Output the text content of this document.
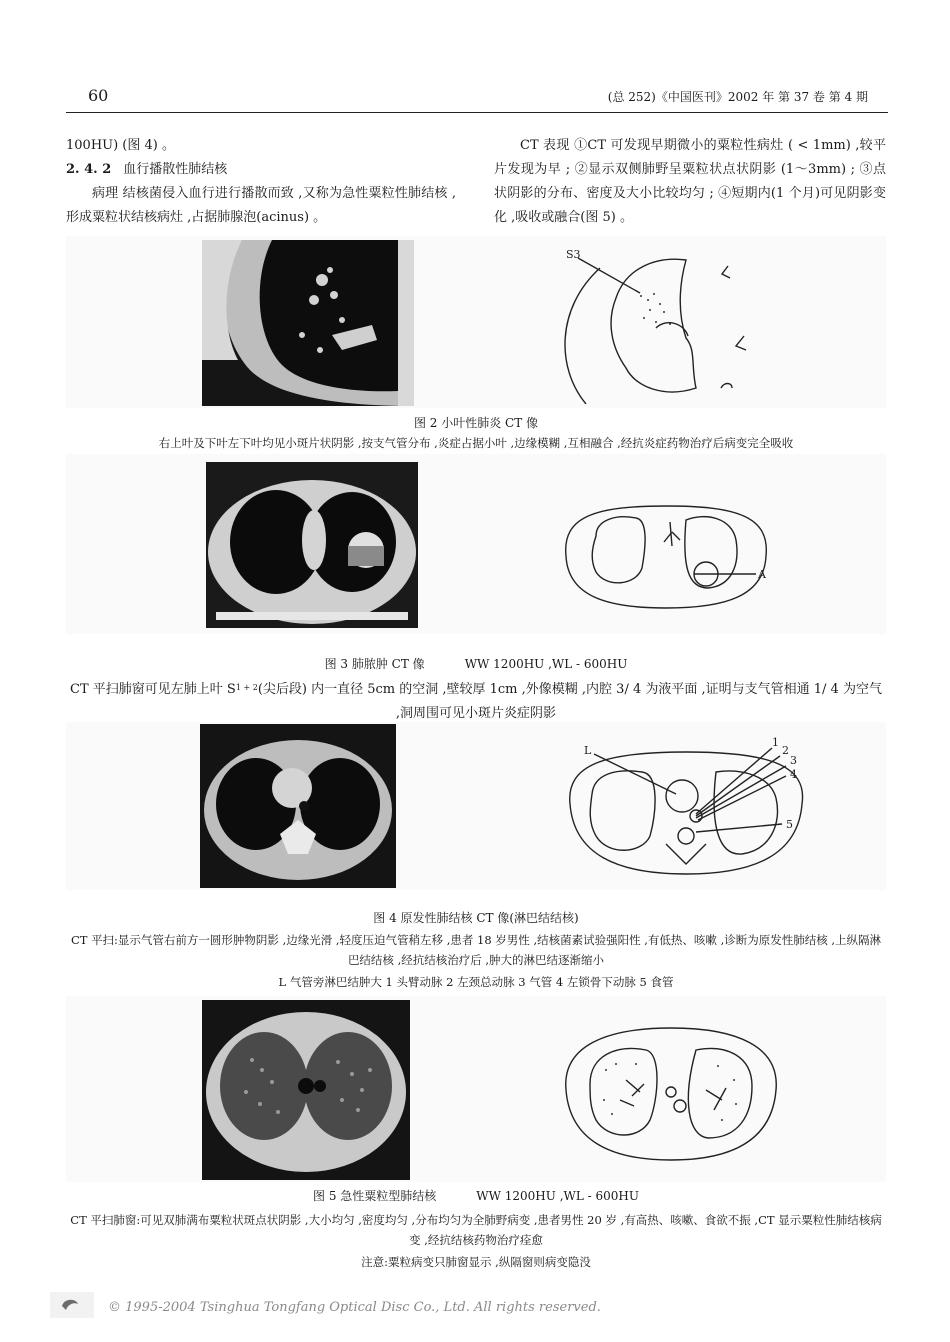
60	(总 252)《中国医刊》2002 年 第 37 卷 第 4 期

100HU) (图 4) 。

2. 4. 2 血行播散性肺结核

病理 结核菌侵入血行进行播散而致 ,又称为急性粟粒性肺结核 ,形成粟粒状结核病灶 ,占据肺腺泡(acinus) 。

CT 表现 ①CT 可发现早期微小的粟粒性病灶 ( < 1mm) ,较平片发现为早 ; ②显示双侧肺野呈粟粒状点状阴影 (1～3mm) ; ③点状阴影的分布、密度及大小比较均匀 ; ④短期内(1 个月)可见阴影变化 ,吸收或融合(图 5) 。

S3

图 2 小叶性肺炎 CT 像

右上叶及下叶左下叶均见小斑片状阴影 ,按支气管分布 ,炎症占据小叶 ,边缘模糊 ,互相融合 ,经抗炎症药物治疗后病变完全吸收

A

图 3 肺脓肿 CT 像	WW 1200HU ,WL - 600HU

CT 平扫肺窗可见左肺上叶 $S^{1 + 2}$(尖后段) 内一直径 5cm 的空洞 ,壁较厚 1cm ,外像模糊 ,内腔 3/ 4 为液平面 ,证明与支气管相通 1/ 4 为空气 ,洞周围可见小斑片炎症阴影

L
1
2
3
4
5

图 4 原发性肺结核 CT 像(淋巴结结核)

CT 平扫:显示气管右前方一圆形肿物阴影 ,边缘光滑 ,轻度压迫气管稍左移 ,患者 18 岁男性 ,结核菌素试验强阳性 ,有低热、咳嗽 ,诊断为原发性肺结核 ,上纵隔淋巴结结核 ,经抗结核治疗后 ,肿大的淋巴结逐渐缩小

L 气管旁淋巴结肿大 1 头臂动脉 2 左颈总动脉 3 气管 4 左锁骨下动脉 5 食管

图 5 急性粟粒型肺结核	WW 1200HU ,WL - 600HU

CT 平扫肺窗:可见双肺满布粟粒状斑点状阴影 ,大小均匀 ,密度均匀 ,分布均匀为全肺野病变 ,患者男性 20 岁 ,有高热、咳嗽、食欲不振 ,CT 显示粟粒性肺结核病变 ,经抗结核药物治疗痊愈

注意:粟粒病变只肺窗显示 ,纵隔窗则病变隐没

© 1995-2004 Tsinghua Tongfang Optical Disc Co., Ltd. All rights reserved.
